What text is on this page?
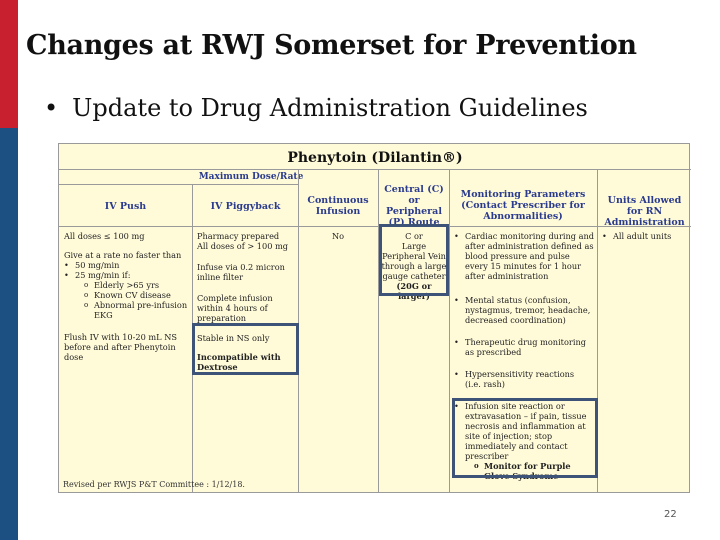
Changes at RWJ Somerset for Prevention
• Update to Drug Administration Guidelines
Phenytoin (Dilantin®)
Maximum Dose/Rate
IV Push	IV Piggyback
Continuous Infusion
Central (C) or Peripheral (P) Route
Monitoring Parameters (Contact Prescriber for Abnormalities)
Units Allowed for RN Administration
All doses ≤ 100 mg
Give at a rate no faster than
• 50 mg/min
• 25 mg/min if:
o Elderly >65 yrs
o Known CV disease
o Abnormal pre-infusion EKG
Flush IV with 10-20 mL NS before and after Phenytoin dose
Pharmacy prepared
All doses of > 100 mg
Infuse via 0.2 micron inline filter
Complete infusion within 4 hours of preparation
Stable in NS only
Incompatible with Dextrose
No	C or
Large
Peripheral Vein
through a large
gauge catheter
(20G or larger)
• Cardiac monitoring during and after administration defined as blood pressure and pulse every 15 minutes for 1 hour after administration
• Mental status (confusion, nystagmus, tremor, headache, decreased coordination)
• Therapeutic drug monitoring as prescribed
• Hypersensitivity reactions
(i.e. rash)
• Infusion site reaction or extravasation – if pain, tissue necrosis and inflammation at site of injection; stop immediately and contact prescriber
o Monitor for Purple Glove Syndrome
• All adult units
Revised per RWJS P&T Committee : 1/12/18.
22
